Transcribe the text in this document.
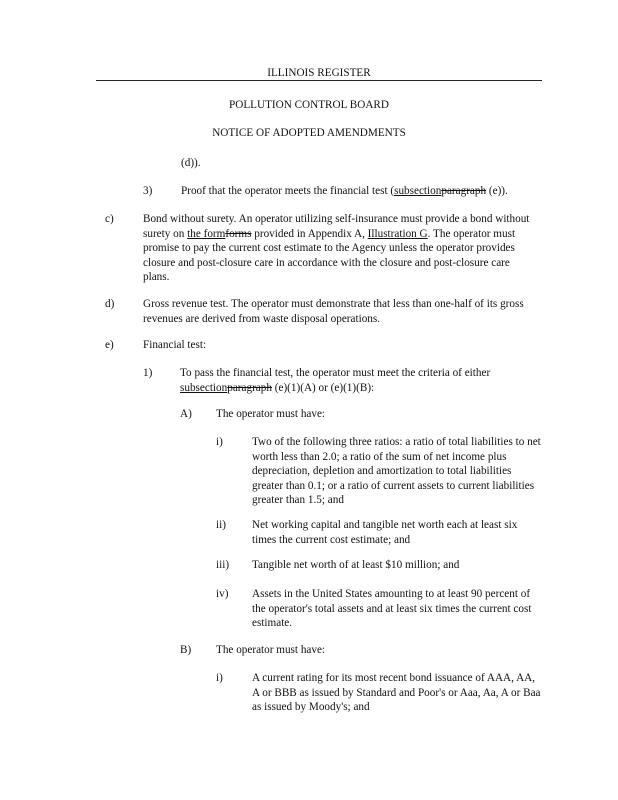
ILLINOIS REGISTER
POLLUTION CONTROL BOARD
NOTICE OF ADOPTED AMENDMENTS
(d)).
3)	Proof that the operator meets the financial test (subsectionparagraph (e)).
c)	Bond without surety. An operator utilizing self-insurance must provide a bond without surety on the formforms provided in Appendix A, Illustration G. The operator must promise to pay the current cost estimate to the Agency unless the operator provides closure and post-closure care in accordance with the closure and post-closure care plans.
d)	Gross revenue test. The operator must demonstrate that less than one-half of its gross revenues are derived from waste disposal operations.
e)	Financial test:
1) To pass the financial test, the operator must meet the criteria of either subsectionparagraph (e)(1)(A) or (e)(1)(B):
A) The operator must have:
i)	Two of the following three ratios: a ratio of total liabilities to net worth less than 2.0; a ratio of the sum of net income plus depreciation, depletion and amortization to total liabilities greater than 0.1; or a ratio of current assets to current liabilities greater than 1.5; and
ii) Net working capital and tangible net worth each at least six times the current cost estimate; and
iii) Tangible net worth of at least $10 million; and
iv) Assets in the United States amounting to at least 90 percent of the operator's total assets and at least six times the current cost estimate.
B) The operator must have:
i)	A current rating for its most recent bond issuance of AAA, AA, A or BBB as issued by Standard and Poor's or Aaa, Aa, A or Baa as issued by Moody's; and
